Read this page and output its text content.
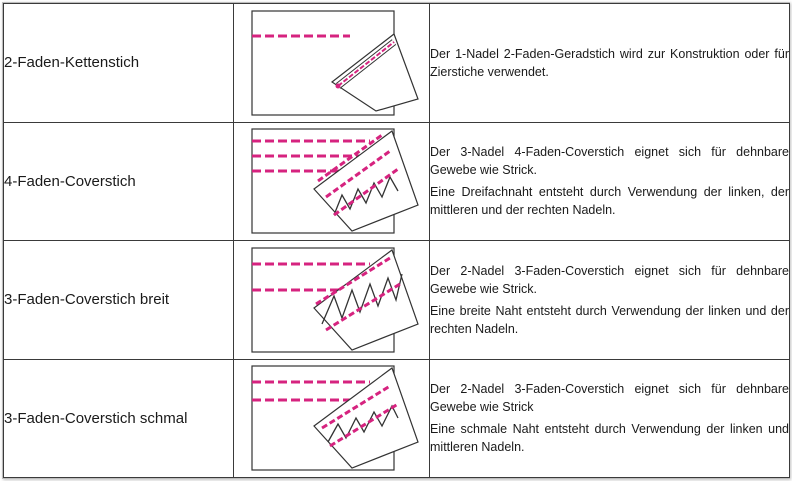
2-Faden-Kettenstich		Der 1-Nadel 2-Faden-Geradstich wird zur Konstruktion oder für Zierstiche verwendet.

4-Faden-Coverstich		Der 3-Nadel 4-Faden-Coverstich eignet sich für dehnbare Gewebe wie Strick.

Eine Dreifachnaht entsteht durch Verwendung der linken, der mittleren und der rechten Nadeln.

3-Faden-Coverstich breit		Der 2-Nadel 3-Faden-Coverstich eignet sich für dehnbare Gewebe wie Strick.

Eine breite Naht entsteht durch Verwendung der linken und der rechten Nadeln.

3-Faden-Coverstich schmal		Der 2-Nadel 3-Faden-Coverstich eignet sich für dehnbare Gewebe wie Strick

Eine schmale Naht entsteht durch Verwendung der linken und mittleren Nadeln.
